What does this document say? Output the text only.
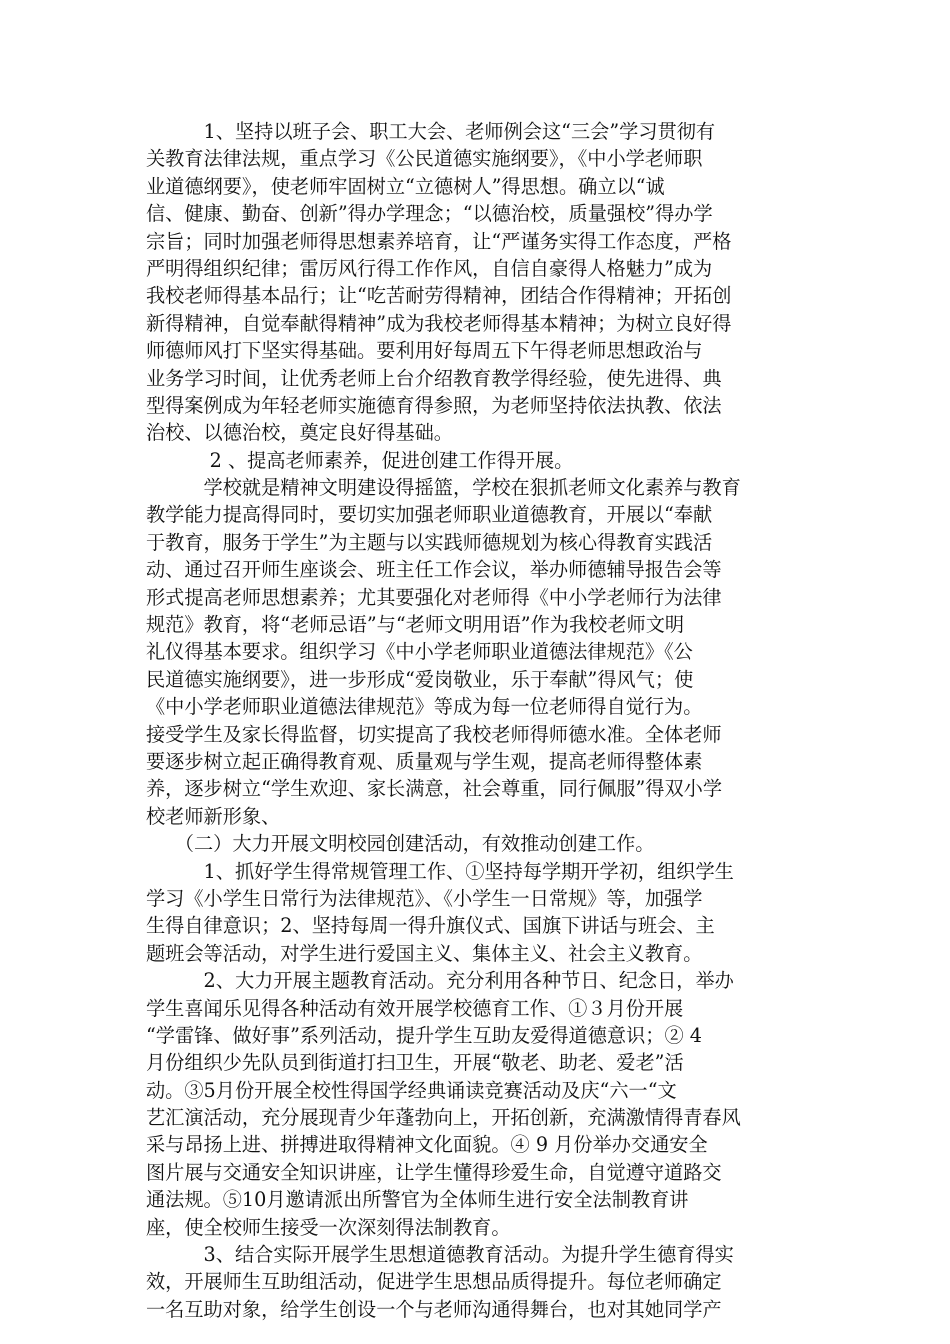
　　　1、坚持以班子会、职工大会、老师例会这“三会”学习贯彻有
关教育法律法规，重点学习《公民道德实施纲要》，《中小学老师职
业道德纲要》，使老师牢固树立“立德树人”得思想。确立以“诚
信、健康、勤奋、创新”得办学理念；“以德治校，质量强校”得办学
宗旨；同时加强老师得思想素养培育，让“严谨务实得工作态度，严格
严明得组织纪律；雷厉风行得工作作风，自信自豪得人格魅力”成为
我校老师得基本品行；让“吃苦耐劳得精神，团结合作得精神；开拓创
新得精神，自觉奉献得精神”成为我校老师得基本精神；为树立良好得
师德师风打下坚实得基础。要利用好每周五下午得老师思想政治与
业务学习时间，让优秀老师上台介绍教育教学得经验，使先进得、典
型得案例成为年轻老师实施德育得参照，为老师坚持依法执教、依法
治校、以德治校，奠定良好得基础。
　　　 2 、提高老师素养，促进创建工作得开展。
　　　学校就是精神文明建设得摇篮，学校在狠抓老师文化素养与教育
教学能力提高得同时，要切实加强老师职业道德教育，开展以“奉献
于教育，服务于学生”为主题与以实践师德规划为核心得教育实践活
动、通过召开师生座谈会、班主任工作会议，举办师德辅导报告会等
形式提高老师思想素养；尤其要强化对老师得《中小学老师行为法律
规范》教育，将“老师忌语”与“老师文明用语”作为我校老师文明
礼仪得基本要求。组织学习《中小学老师职业道德法律规范》《公
民道德实施纲要》，进一步形成“爱岗敬业，乐于奉献”得风气；使
《中小学老师职业道德法律规范》等成为每一位老师得自觉行为。
接受学生及家长得监督，切实提高了我校老师得师德水准。全体老师
要逐步树立起正确得教育观、质量观与学生观，提高老师得整体素
养，逐步树立“学生欢迎、家长满意，社会尊重，同行佩服”得双小学
校老师新形象、
　　（二）大力开展文明校园创建活动，有效推动创建工作。
　　　1、抓好学生得常规管理工作、①坚持每学期开学初，组织学生
学习《小学生日常行为法律规范》、《小学生一日常规》等，加强学
生得自律意识；2、坚持每周一得升旗仪式、国旗下讲话与班会、主
题班会等活动，对学生进行爱国主义、集体主义、社会主义教育。
　　　2、大力开展主题教育活动。充分利用各种节日、纪念日，举办
学生喜闻乐见得各种活动有效开展学校德育工作、①３月份开展
“学雷锋、做好事”系列活动，提升学生互助友爱得道德意识；② 4
月份组织少先队员到街道打扫卫生，开展“敬老、助老、爱老”活
动。③5月份开展全校性得国学经典诵读竞赛活动及庆“六一“文
艺汇演活动，充分展现青少年蓬勃向上，开拓创新，充满激情得青春风
采与昂扬上进、拼搏进取得精神文化面貌。④ 9 月份举办交通安全
图片展与交通安全知识讲座，让学生懂得珍爱生命，自觉遵守道路交
通法规。⑤10月邀请派出所警官为全体师生进行安全法制教育讲
座，使全校师生接受一次深刻得法制教育。
　　　3、结合实际开展学生思想道德教育活动。为提升学生德育得实
效，开展师生互助组活动，促进学生思想品质得提升。每位老师确定
一名互助对象，给学生创设一个与老师沟通得舞台，也对其她同学产
